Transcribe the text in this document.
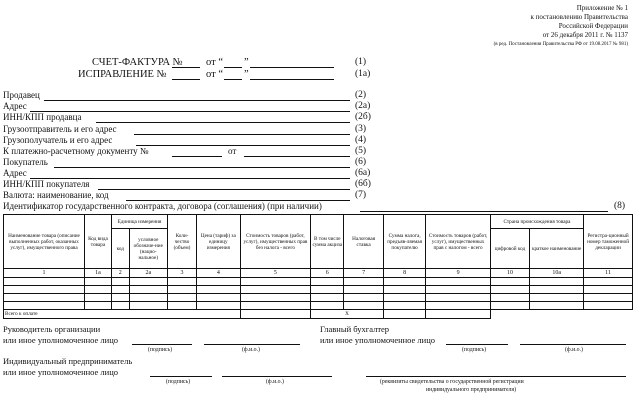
Приложение № 1
к постановлению Правительства
Российской Федерации
от 26 декабря 2011 г. № 1137
(в ред. Постановления Правительства РФ от 19.08.2017 № 981)
СЧЕТ-ФАКТУРА № от “ ”	(1)
ИСПРАВЛЕНИЕ №	от “ ”	(1а)
Продавец	(2)
Адрес	(2а)
ИНН/КПП продавца	(2б)
Грузоотправитель и его адрес	(3)
Грузополучатель и его адрес	(4)
К платежно-расчетному документу №	от	(5)
Покупатель	(6)
Адрес	(6а)
ИНН/КПП покупателя	(6б)
Валюта: наименование, код	(7)
Идентификатор государственного контракта, договора (соглашения) (при наличии)	(8)
Наименование товара (описание выполненных работ, оказанных услуг), имущественного права	Код вида товара	Единица измерения		Коли-чество (объем)	Цена (тариф) за единицу измерения	Стоимость товаров (работ, услуг), имущественных прав без налога - всего	В том числе сумма акциза	Налоговая ставка	Сумма налога, предъяв-ляемая покупателю	Стоимость товаров (работ, услуг), имущественных прав с налогом - всего	Страна происхождения товара		Регистра-ционный номер таможенной декларации
		код	условное обозначе-ние (нацио-нальное)								цифровой код	краткое наименование	
1	1а	2	2а	3	4	5	6	7	8	9	10	10а	11

Всего к оплате							X						
Руководитель организации
или иное уполномоченное лицо
(подпись)	(ф.и.о.)
Главный бухгалтер
или иное уполномоченное лицо
(подпись)	(ф.и.о.)
Индивидуальный предприниматель
или иное уполномоченное лицо
(подпись)	(ф.и.о.)	(реквизиты свидетельства о государственной регистрации
индивидуального предпринимателя)
